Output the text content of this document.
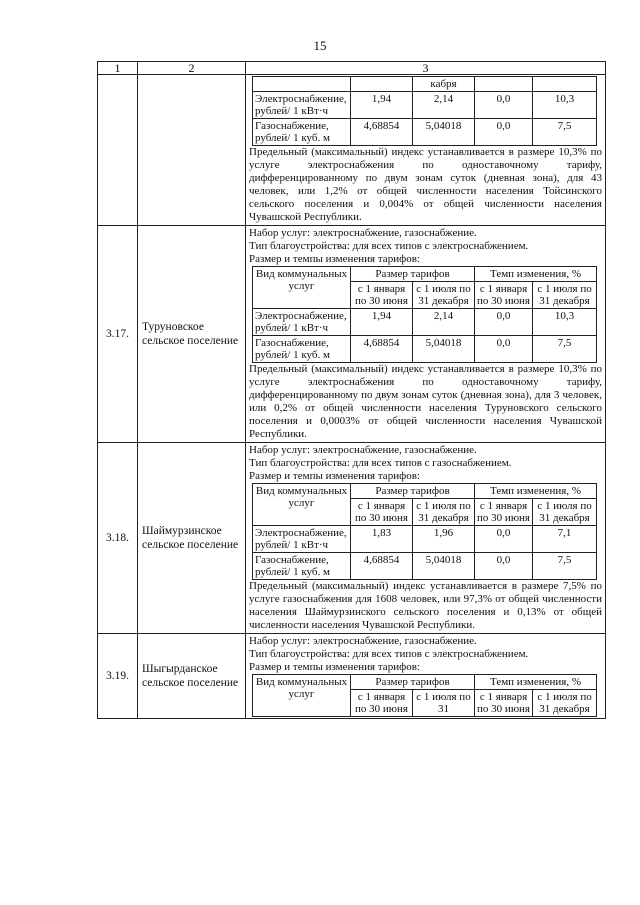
15
1	2	3

		кабря		
Электроснабжение, рублей/ 1 кВт·ч	1,94	2,14	0,0	10,3
Газоснабжение, рублей/ 1 куб. м	4,68854	5,04018	0,0	7,5

Предельный (максимальный) индекс устанавливается в размере 10,3% по услуге электроснабжения по одноставочному тарифу, дифференцированному по двум зонам суток (дневная зона), для 43 человек, или 1,2% от общей численности населения Тойсинского сельского поселения и 0,004% от общей численности населения Чувашской Республики.

3.17.	Туруновское сельское поселение	
Набор услуг: электроснабжение, газоснабжение.
Тип благоустройства: для всех типов с электроснабжением.
Размер и темпы изменения тарифов:
Вид коммунальных услуг	Размер тарифов	Темп изменения, %
с 1 января по 30 июня	с 1 июля по 31 декабря	с 1 января по 30 июня	с 1 июля по 31 декабря
Электроснабжение, рублей/ 1 кВт·ч	1,94	2,14	0,0	10,3
Газоснабжение, рублей/ 1 куб. м	4,68854	5,04018	0,0	7,5

Предельный (максимальный) индекс устанавливается в размере 10,3% по услуге электроснабжения по одноставочному тарифу, дифференцированному по двум зонам суток (дневная зона), для 3 человек, или 0,2% от общей численности населения Туруновского сельского поселения и 0,0003% от общей численности населения Чувашской Республики.

3.18.	Шаймурзинское сельское поселение	
Набор услуг: электроснабжение, газоснабжение.
Тип благоустройства: для всех типов с газоснабжением.
Размер и темпы изменения тарифов:
Вид коммунальных услуг	Размер тарифов	Темп изменения, %
с 1 января по 30 июня	с 1 июля по 31 декабря	с 1 января по 30 июня	с 1 июля по 31 декабря
Электроснабжение, рублей/ 1 кВт·ч	1,83	1,96	0,0	7,1
Газоснабжение, рублей/ 1 куб. м	4,68854	5,04018	0,0	7,5

Предельный (максимальный) индекс устанавливается в размере 7,5% по услуге газоснабжения для 1608 человек, или 97,3% от общей численности населения Шаймурзинского сельского поселения и 0,13% от общей численности населения Чувашской Республики.

3.19.	Шыгырданское сельское поселение	
Набор услуг: электроснабжение, газоснабжение.
Тип благоустройства: для всех типов с электроснабжением.
Размер и темпы изменения тарифов:
Вид коммунальных услуг	Размер тарифов	Темп изменения, %
с 1 января по 30 июня	с 1 июля по 31	с 1 января по 30 июня	с 1 июля по 31 декабря
